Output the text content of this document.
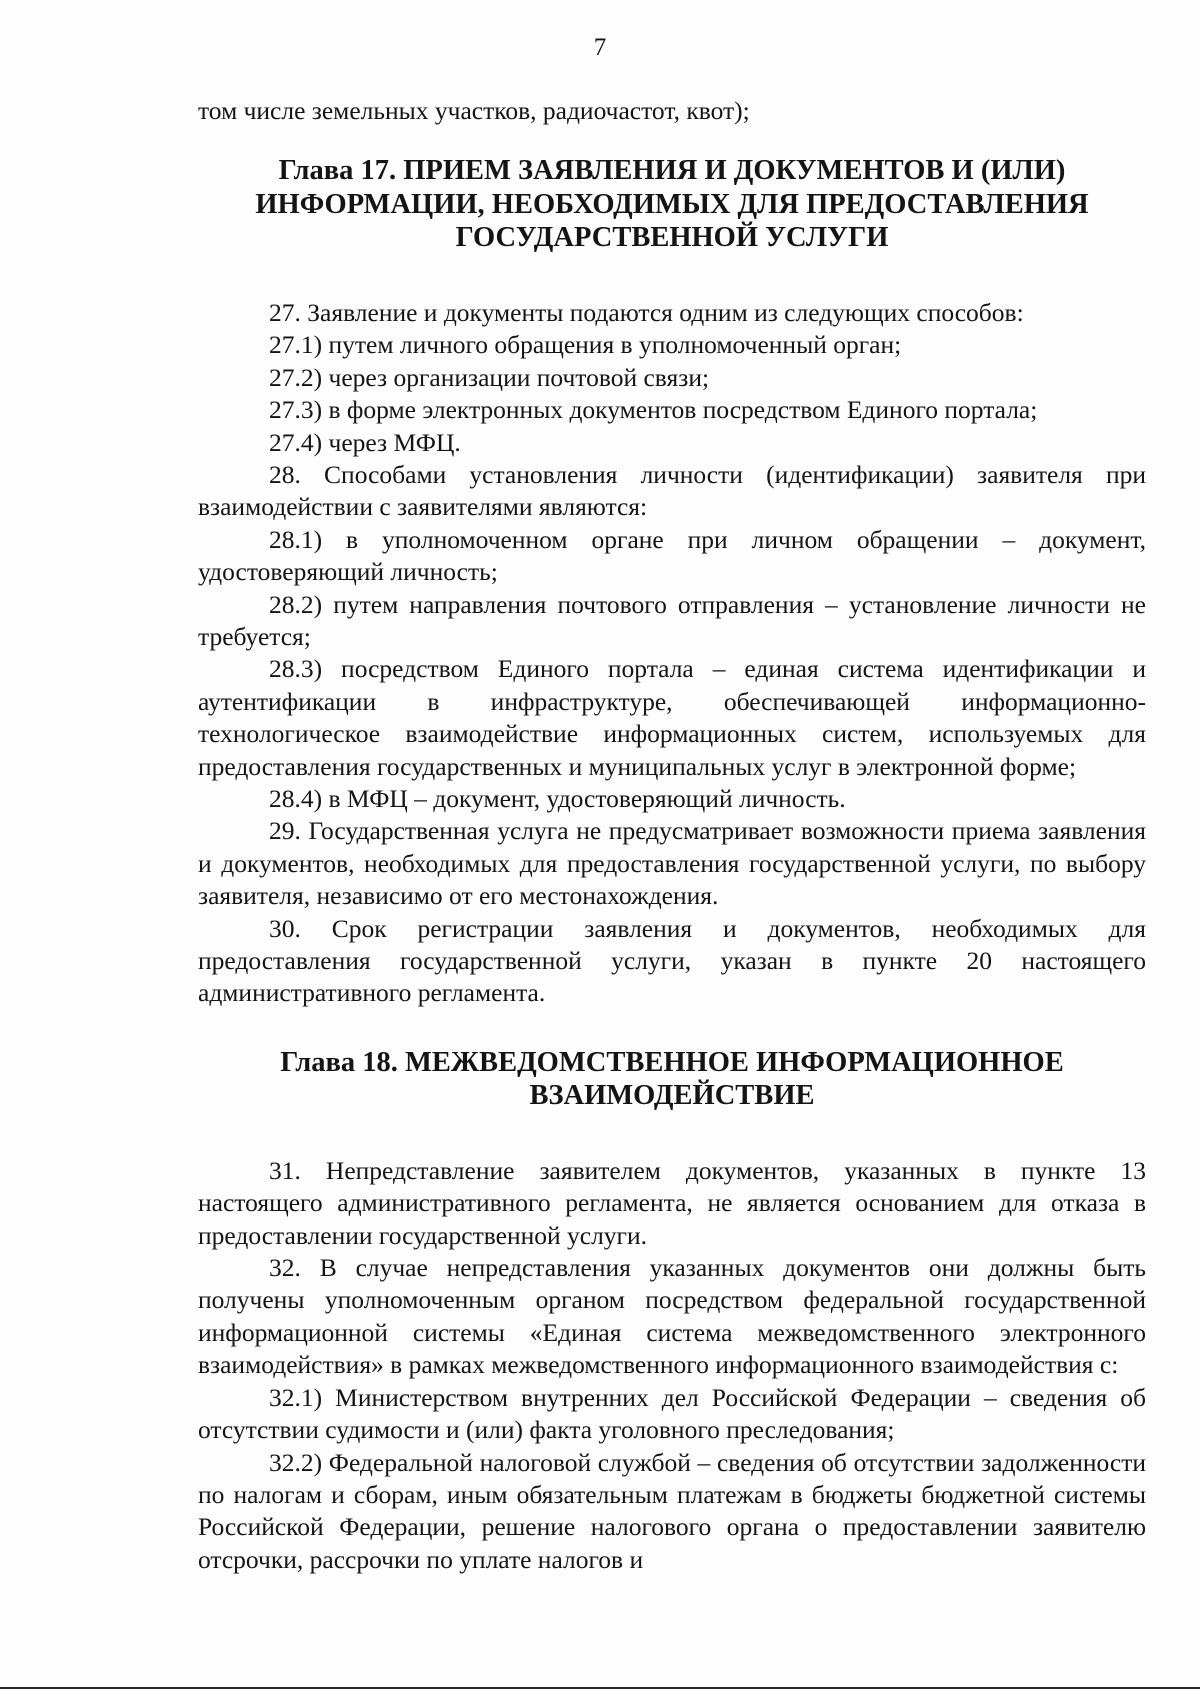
7

том числе земельных участков, радиочастот, квот);

Глава 17. ПРИЕМ ЗАЯВЛЕНИЯ И ДОКУМЕНТОВ И (ИЛИ) ИНФОРМАЦИИ, НЕОБХОДИМЫХ ДЛЯ ПРЕДОСТАВЛЕНИЯ ГОСУДАРСТВЕННОЙ УСЛУГИ

27. Заявление и документы подаются одним из следующих способов:

27.1) путем личного обращения в уполномоченный орган;

27.2) через организации почтовой связи;

27.3) в форме электронных документов посредством Единого портала;

27.4) через МФЦ.

28. Способами установления личности (идентификации) заявителя при взаимодействии с заявителями являются:

28.1) в уполномоченном органе при личном обращении – документ, удостоверяющий личность;

28.2) путем направления почтового отправления – установление личности не требуется;

28.3) посредством Единого портала – единая система идентификации и аутентификации в инфраструктуре, обеспечивающей информационно-технологическое взаимодействие информационных систем, используемых для предоставления государственных и муниципальных услуг в электронной форме;

28.4) в МФЦ – документ, удостоверяющий личность.

29. Государственная услуга не предусматривает возможности приема заявления и документов, необходимых для предоставления государственной услуги, по выбору заявителя, независимо от его местонахождения.

30. Срок регистрации заявления и документов, необходимых для предоставления государственной услуги, указан в пункте 20 настоящего административного регламента.

Глава 18. МЕЖВЕДОМСТВЕННОЕ ИНФОРМАЦИОННОЕ ВЗАИМОДЕЙСТВИЕ

31. Непредставление заявителем документов, указанных в пункте 13 настоящего административного регламента, не является основанием для отказа в предоставлении государственной услуги.

32. В случае непредставления указанных документов они должны быть получены уполномоченным органом посредством федеральной государственной информационной системы «Единая система межведомственного электронного взаимодействия» в рамках межведомственного информационного взаимодействия с:

32.1) Министерством внутренних дел Российской Федерации – сведения об отсутствии судимости и (или) факта уголовного преследования;

32.2) Федеральной налоговой службой – сведения об отсутствии задолженности по налогам и сборам, иным обязательным платежам в бюджеты бюджетной системы Российской Федерации, решение налогового органа о предоставлении заявителю отсрочки, рассрочки по уплате налогов и
